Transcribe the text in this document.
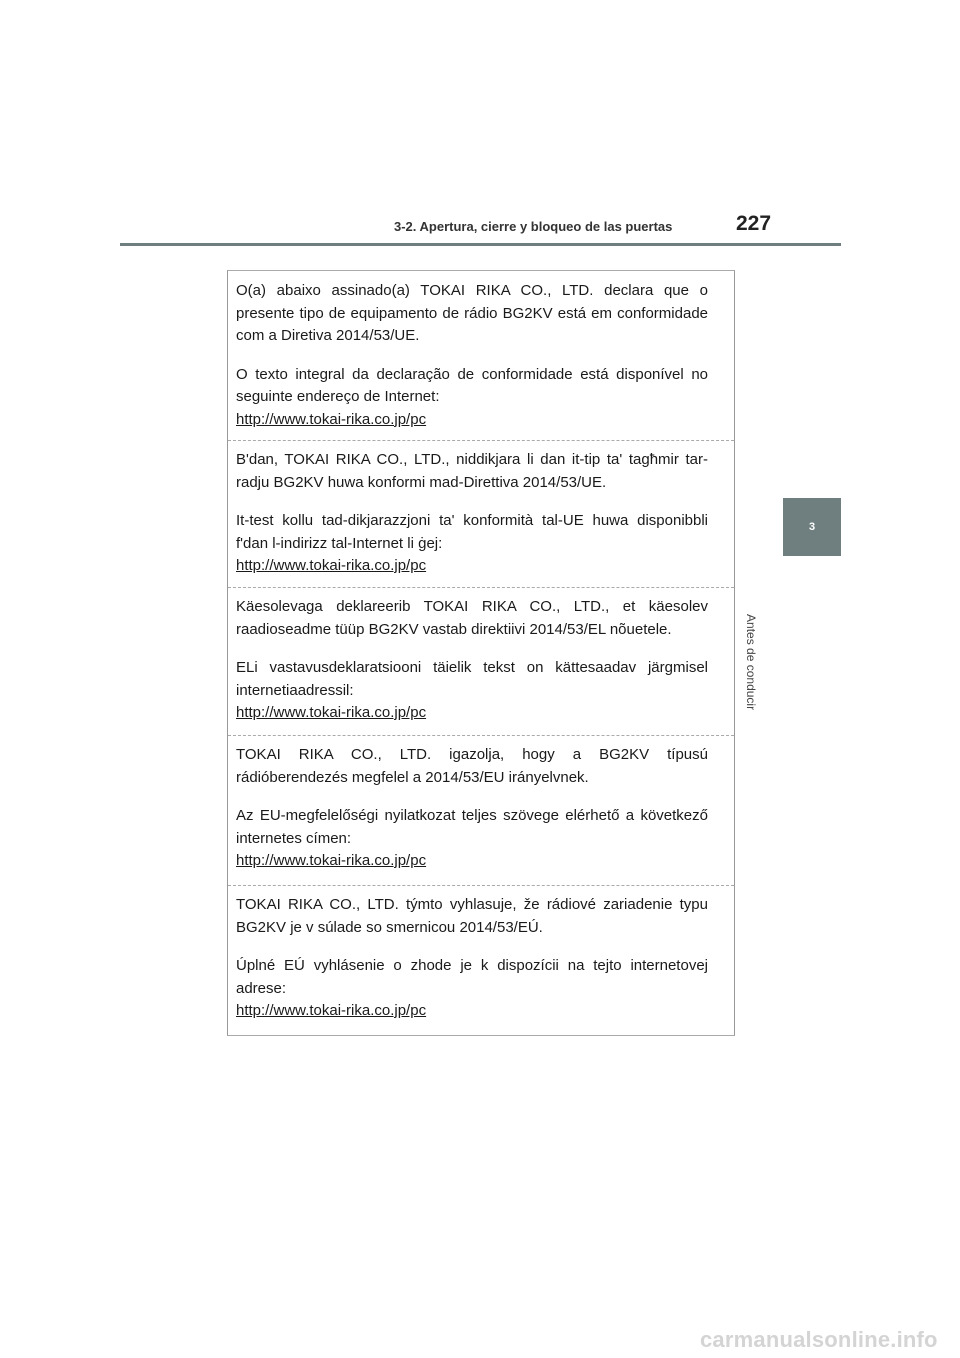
3-2. Apertura, cierre y bloqueo de las puertas	227
3
Antes de conducir

O(a) abaixo assinado(a) TOKAI RIKA CO., LTD. declara que o presente tipo de equipamento de rádio BG2KV está em conformidade com a Diretiva 2014/53/UE.

O texto integral da declaração de conformidade está disponível no seguinte endereço de Internet:

http://www.tokai-rika.co.jp/pc

B'dan, TOKAI RIKA CO., LTD., niddikjara li dan it-tip ta' tagħmir tar-radju BG2KV huwa konformi mad-Direttiva 2014/53/UE.

It-test kollu tad-dikjarazzjoni ta' konformità tal-UE huwa disponibbli f'dan l-indirizz tal-Internet li ġej:

http://www.tokai-rika.co.jp/pc

Käesolevaga deklareerib TOKAI RIKA CO., LTD., et käesolev raadioseadme tüüp BG2KV vastab direktiivi 2014/53/EL nõuetele.

ELi vastavusdeklaratsiooni täielik tekst on kättesaadav järgmisel internetiaadressil:

http://www.tokai-rika.co.jp/pc

TOKAI RIKA CO., LTD. igazolja, hogy a BG2KV típusú rádióberendezés megfelel a 2014/53/EU irányelvnek.

Az EU-megfelelőségi nyilatkozat teljes szövege elérhető a következő internetes címen:

http://www.tokai-rika.co.jp/pc

TOKAI RIKA CO., LTD. týmto vyhlasuje, že rádiové zariadenie typu BG2KV je v súlade so smernicou 2014/53/EÚ.

Úplné EÚ vyhlásenie o zhode je k dispozícii na tejto internetovej adrese:

http://www.tokai-rika.co.jp/pc
carmanualsonline.info
